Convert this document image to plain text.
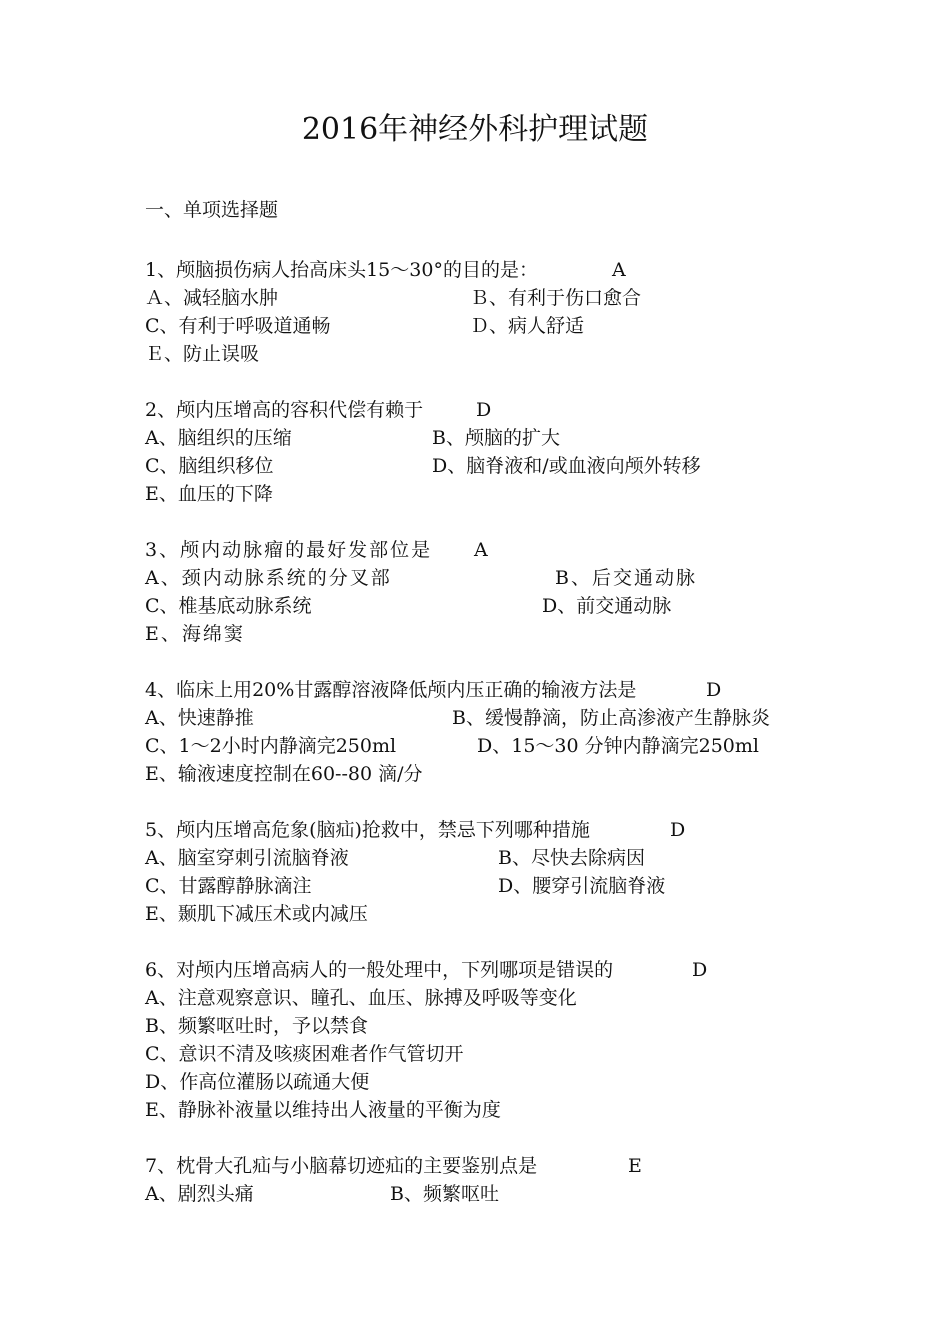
2016年神经外科护理试题
一、单项选择题
1、颅脑损伤病人抬高床头15～30°的目的是：	A
Ａ、减轻脑水肿	Ｂ、有利于伤口愈合
C、有利于呼吸道通畅	Ｄ、病人舒适
Ｅ、防止误吸
2、颅内压增高的容积代偿有赖于	D
A、脑组织的压缩	B、颅脑的扩大
C、脑组织移位	D、脑脊液和/或血液向颅外转移
E、血压的下降
3、颅内动脉瘤的最好发部位是 A
A、颈内动脉系统的分叉部	B、后交通动脉
C、椎基底动脉系统	D、前交通动脉
E、海绵窦
4、临床上用20%甘露醇溶液降低颅内压正确的输液方法是	D
A、快速静推	B、缓慢静滴，防止高渗液产生静脉炎
C、1～2小时内静滴完250ml	D、15～30 分钟内静滴完250ml
E、输液速度控制在60--80 滴/分
5、颅内压增高危象(脑疝)抢救中，禁忌下列哪种措施	D
A、脑室穿刺引流脑脊液	B、尽快去除病因
C、甘露醇静脉滴注	D、腰穿引流脑脊液
E、颞肌下减压术或内减压
6、对颅内压增高病人的一般处理中，下列哪项是错误的	D
A、注意观察意识、瞳孔、血压、脉搏及呼吸等变化
B、频繁呕吐时，予以禁食
C、意识不清及咳痰困难者作气管切开
D、作高位灌肠以疏通大便
E、静脉补液量以维持出人液量的平衡为度
7、枕骨大孔疝与小脑幕切迹疝的主要鉴别点是	E
A、剧烈头痛	B、频繁呕吐
